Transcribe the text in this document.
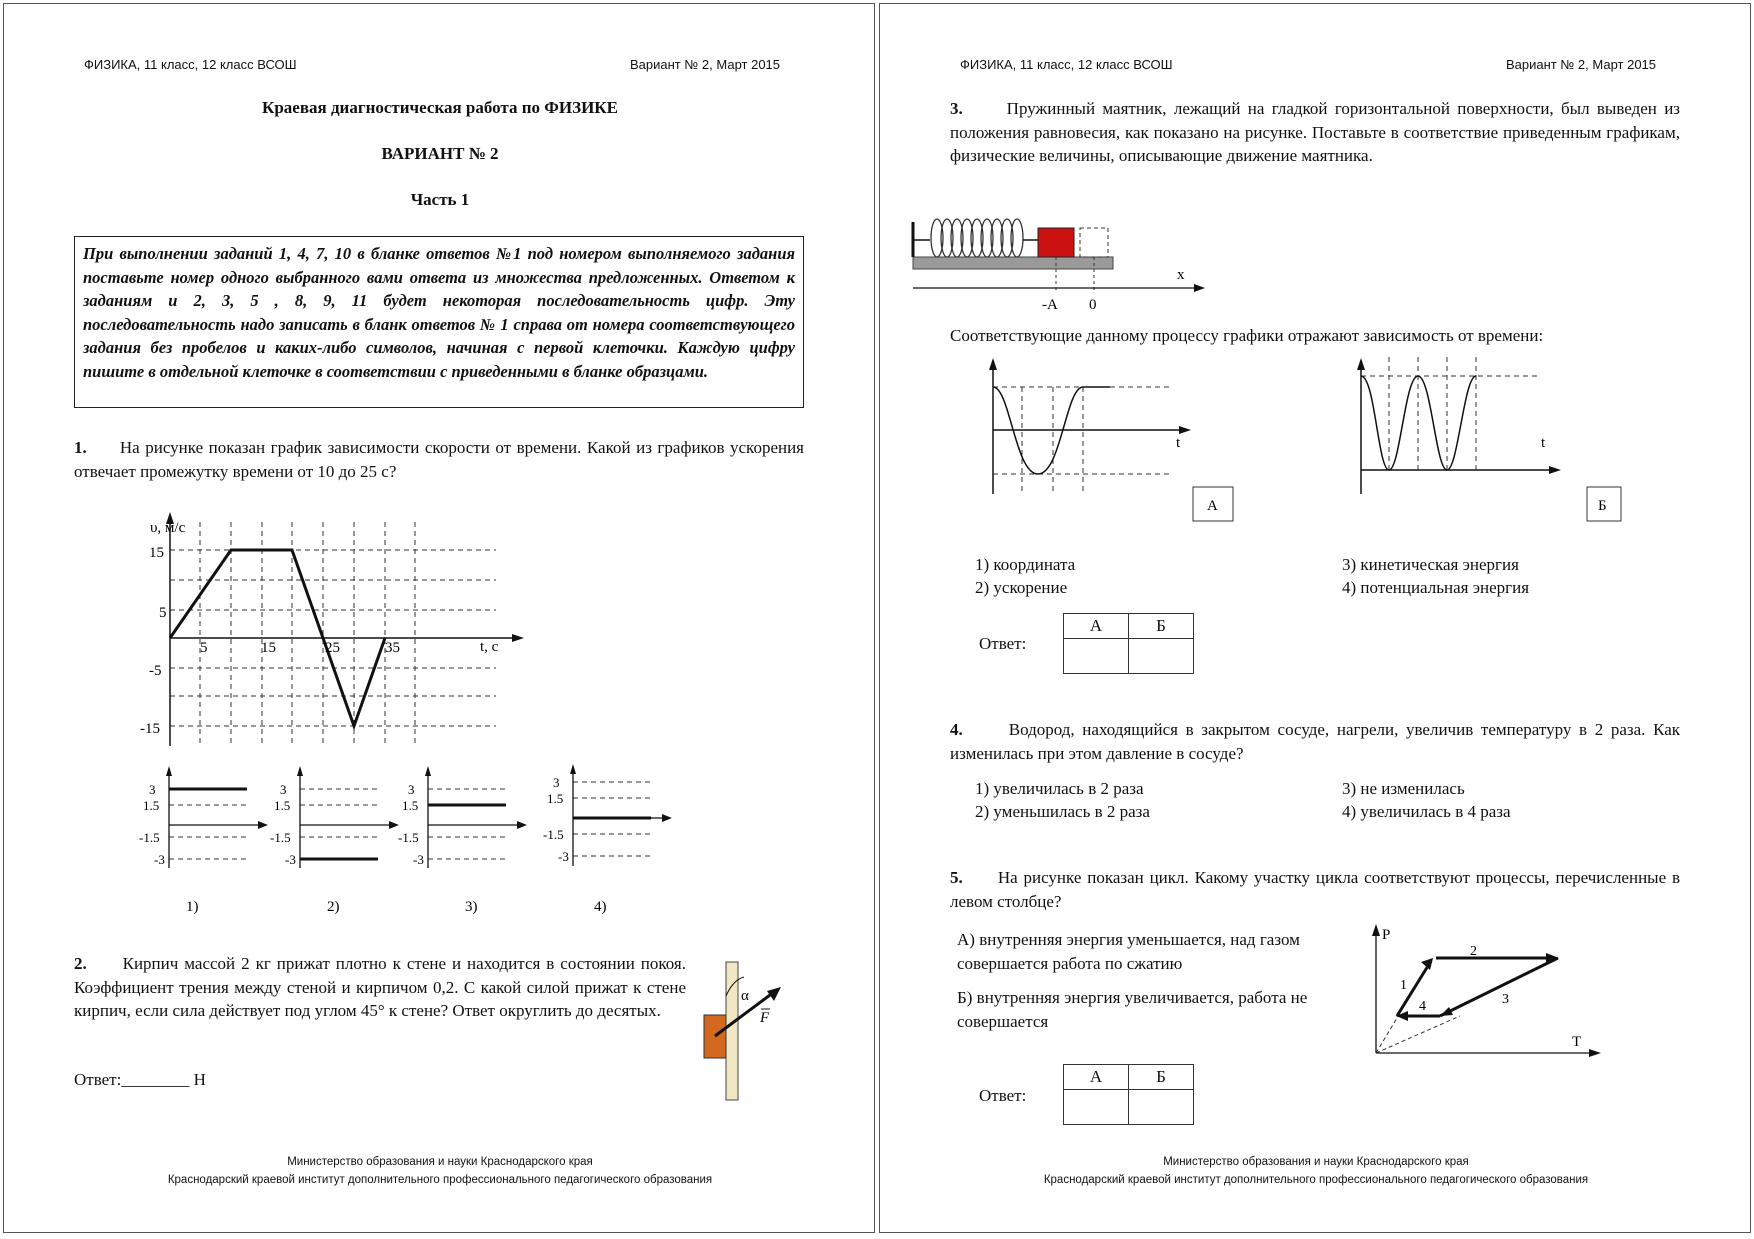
ФИЗИКА, 11 класс, 12 класс ВСОШ	Вариант № 2, Март 2015
Краевая диагностическая работа по ФИЗИКЕ
ВАРИАНТ № 2
Часть 1
При выполнении заданий 1, 4, 7, 10 в бланке ответов №1 под номером выполняемого задания поставьте номер одного выбранного вами ответа из множества предложенных. Ответом к заданиям и 2, 3, 5 , 8, 9, 11 будет некоторая последовательность цифр. Эту последовательность надо записать в бланк ответов № 1 справа от номера соответствующего задания без пробелов и каких-либо символов, начиная с первой клеточки. Каждую цифру пишите в отдельной клеточке в соответствии с приведенными в бланке образцами.
1. На рисунке показан график зависимости скорости от времени. Какой из графиков ускорения отвечает промежутку времени от 10 до 25 с?
υ, м/с
t, с
15
5
-5
-15
5	15	25	35
3
1.5
-1.5
-3
3
1.5
-1.5
-3
3
1.5
-1.5
-3
3
1.5
-1.5
-3
1)	2)	3)	4)
2. Кирпич массой 2 кг прижат плотно к стене и находится в состоянии покоя. Коэффициент трения между стеной и кирпичом 0,2. С какой силой прижат к стене кирпич, если сила действует под углом 45° к стене? Ответ округлить до десятых.
Ответ:________ Н
α
F
Министерство образования и науки Краснодарского края
Краснодарский краевой институт дополнительного профессионального педагогического образования
ФИЗИКА, 11 класс, 12 класс ВСОШ	Вариант № 2, Март 2015
3.	Пружинный маятник, лежащий на гладкой горизонтальной поверхности, был выведен из положения равновесия, как показано на рисунке. Поставьте в соответствие приведенным графикам, физические величины, описывающие движение маятника.
x
-A 0
Соответствующие данному процессу графики отражают зависимость от времени:
t
А
t
Б
1) координата
2) ускорение
3) кинетическая энергия
4) потенциальная энергия
Ответ:
А	Б

4.	Водород, находящийся в закрытом сосуде, нагрели, увеличив температуру в 2 раза. Как изменилась при этом давление в сосуде?
1) увеличилась в 2 раза
2) уменьшилась в 2 раза
3) не изменилась
4) увеличилась в 4 раза
5. На рисунке показан цикл. Какому участку цикла соответствуют процессы, перечисленные в левом столбце?
А) внутренняя энергия уменьшается, над газом совершается работа по сжатию
Б) внутренняя энергия увеличивается, работа не совершается
P
T
1
2
3
4
Ответ:
А	Б

Министерство образования и науки Краснодарского края
Краснодарский краевой институт дополнительного профессионального педагогического образования
